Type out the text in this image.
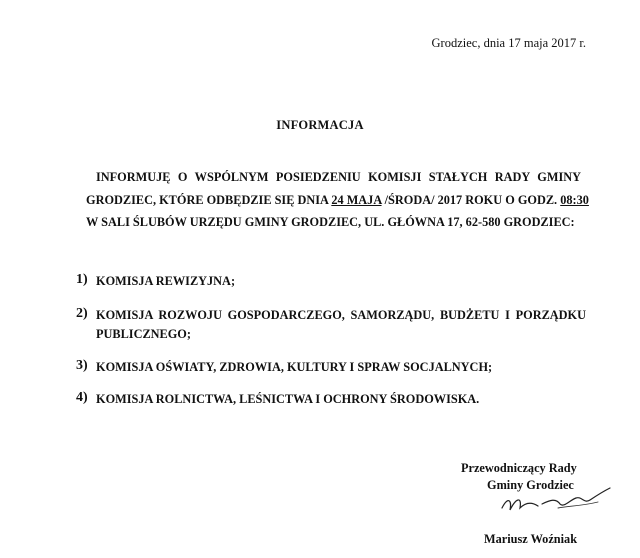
Grodziec, dnia 17 maja 2017 r.
INFORMACJA
INFORMUJĘ O WSPÓLNYM POSIEDZENIU KOMISJI STAŁYCH RADY GMINY
GRODZIEC, KTÓRE ODBĘDZIE SIĘ DNIA 24 MAJA /ŚRODA/ 2017 ROKU O GODZ. 08:30
W SALI ŚLUBÓW URZĘDU GMINY GRODZIEC, UL. GŁÓWNA 17, 62-580 GRODZIEC:
1) KOMISJA REWIZYJNA;
2) KOMISJA ROZWOJU GOSPODARCZEGO, SAMORZĄDU, BUDŻETU I PORZĄDKU
PUBLICZNEGO;
3) KOMISJA OŚWIATY, ZDROWIA, KULTURY I SPRAW SOCJALNYCH;
4) KOMISJA ROLNICTWA, LEŚNICTWA I OCHRONY ŚRODOWISKA.
Przewodniczący Rady
Gminy Grodziec
Mariusz Woźniak
